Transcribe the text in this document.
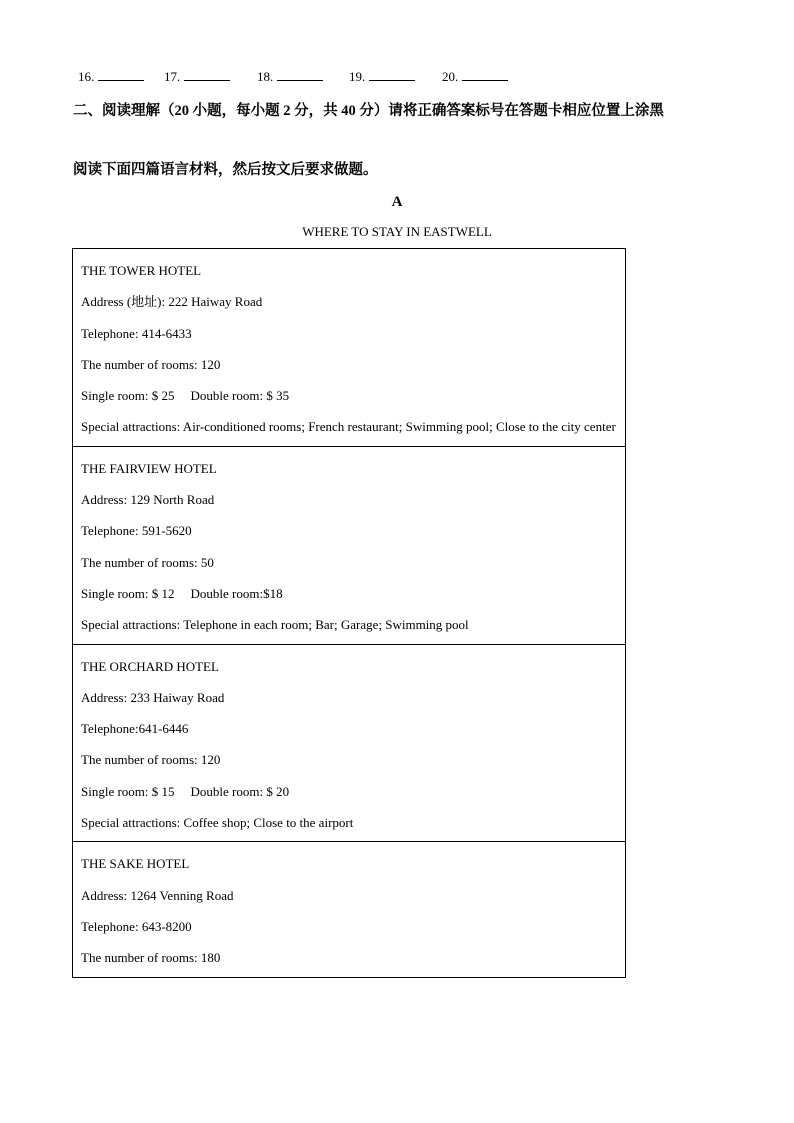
16.	17.	18.	19.	20.
二、阅读理解（20 小题，每小题 2 分，共 40 分）请将正确答案标号在答题卡相应位置上涂黑
阅读下面四篇语言材料，然后按文后要求做题。
A
WHERE TO STAY IN EASTWELL
THE TOWER HOTEL
Address (地址): 222 Haiway Road
Telephone: 414-6433
The number of rooms: 120
Single room: $ 25 Double room: $ 35
Special attractions: Air-conditioned rooms; French restaurant; Swimming pool; Close to the city center
THE FAIRVIEW HOTEL
Address: 129 North Road
Telephone: 591-5620
The number of rooms: 50
Single room: $ 12 Double room:$18
Special attractions: Telephone in each room; Bar; Garage; Swimming pool
THE ORCHARD HOTEL
Address: 233 Haiway Road
Telephone:641-6446
The number of rooms: 120
Single room: $ 15 Double room: $ 20
Special attractions: Coffee shop; Close to the airport
THE SAKE HOTEL
Address: 1264 Venning Road
Telephone: 643-8200
The number of rooms: 180
